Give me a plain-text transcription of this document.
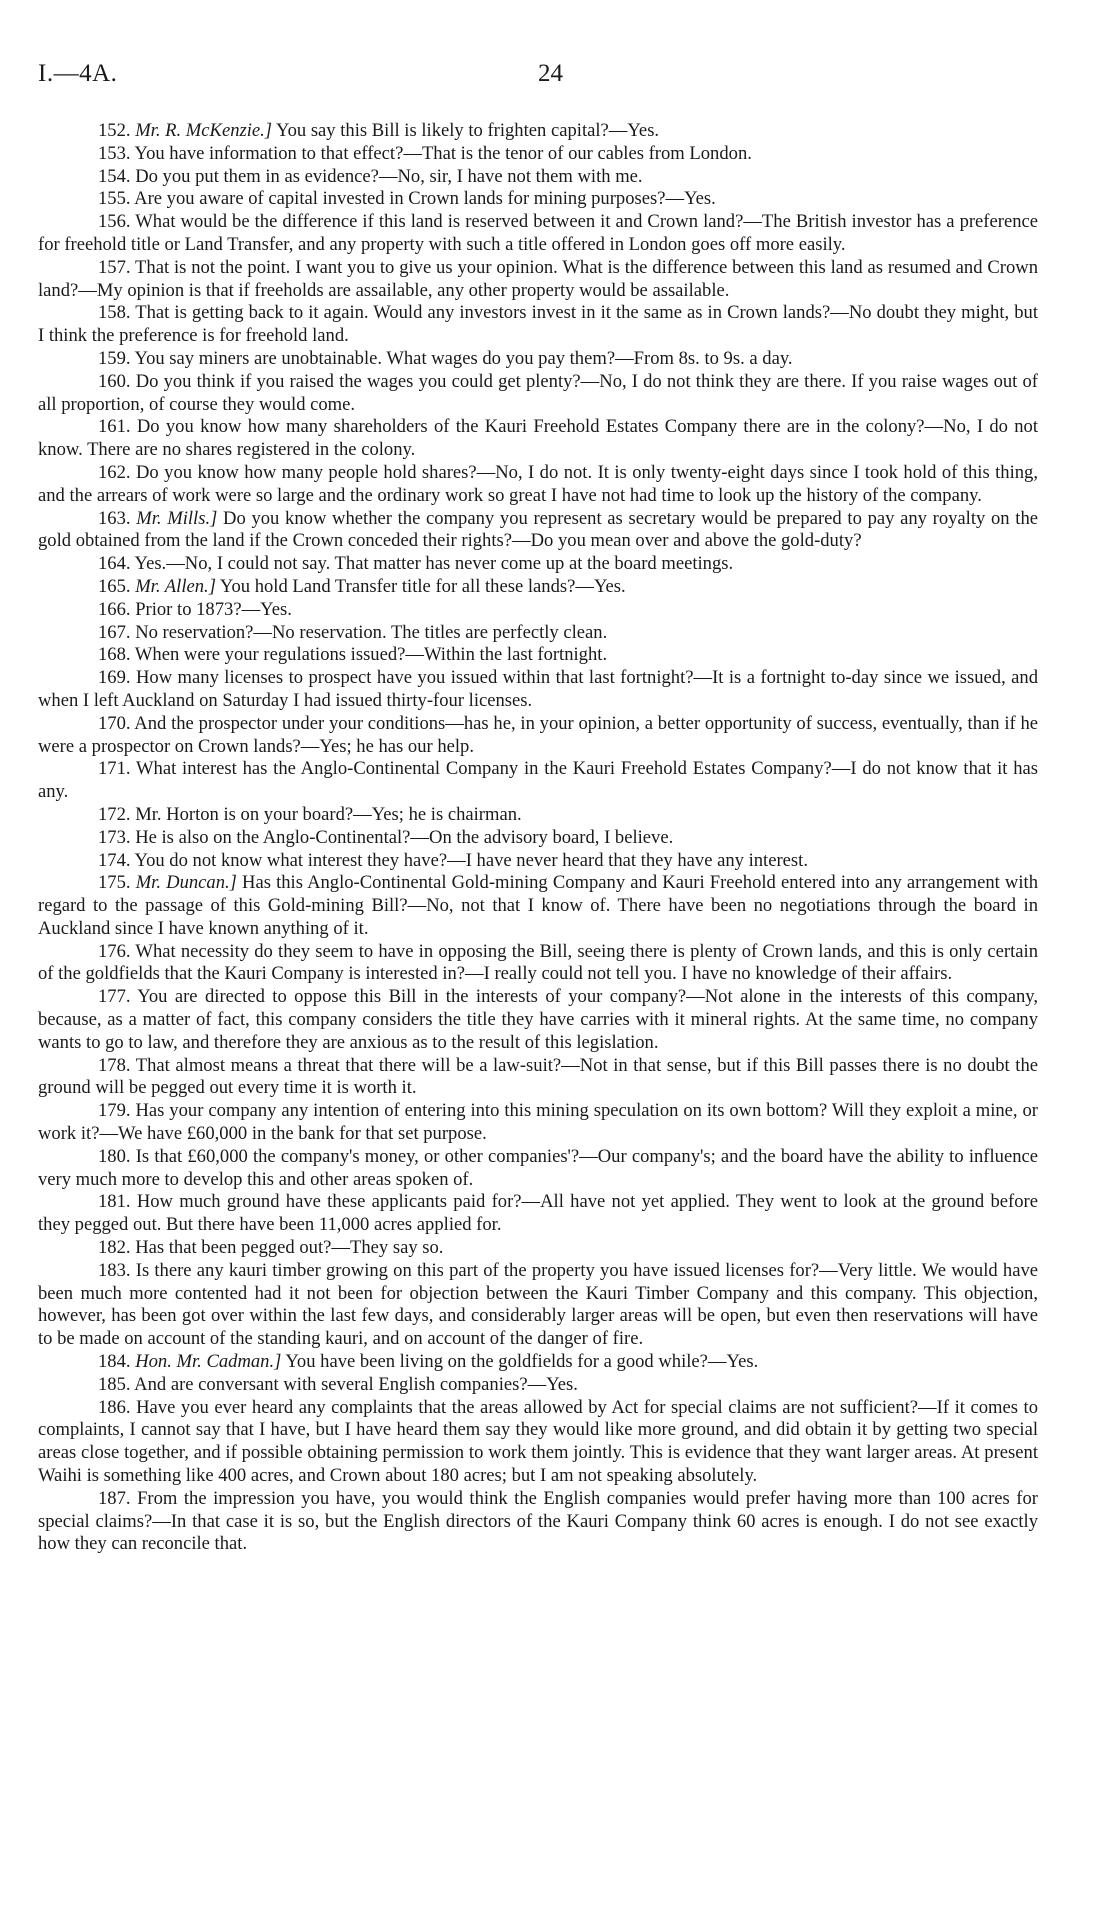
I.—4A.	24

152. Mr. R. McKenzie.] You say this Bill is likely to frighten capital?—Yes.

153. You have information to that effect?—That is the tenor of our cables from London.

154. Do you put them in as evidence?—No, sir, I have not them with me.

155. Are you aware of capital invested in Crown lands for mining purposes?—Yes.

156. What would be the difference if this land is reserved between it and Crown land?—The British investor has a preference for freehold title or Land Transfer, and any property with such a title offered in London goes off more easily.

157. That is not the point. I want you to give us your opinion. What is the difference between this land as resumed and Crown land?—My opinion is that if freeholds are assailable, any other property would be assailable.

158. That is getting back to it again. Would any investors invest in it the same as in Crown lands?—No doubt they might, but I think the preference is for freehold land.

159. You say miners are unobtainable. What wages do you pay them?—From 8s. to 9s. a day.

160. Do you think if you raised the wages you could get plenty?—No, I do not think they are there. If you raise wages out of all proportion, of course they would come.

161. Do you know how many shareholders of the Kauri Freehold Estates Company there are in the colony?—No, I do not know. There are no shares registered in the colony.

162. Do you know how many people hold shares?—No, I do not. It is only twenty-eight days since I took hold of this thing, and the arrears of work were so large and the ordinary work so great I have not had time to look up the history of the company.

163. Mr. Mills.] Do you know whether the company you represent as secretary would be prepared to pay any royalty on the gold obtained from the land if the Crown conceded their rights?—Do you mean over and above the gold-duty?

164. Yes.—No, I could not say. That matter has never come up at the board meetings.

165. Mr. Allen.] You hold Land Transfer title for all these lands?—Yes.

166. Prior to 1873?—Yes.

167. No reservation?—No reservation. The titles are perfectly clean.

168. When were your regulations issued?—Within the last fortnight.

169. How many licenses to prospect have you issued within that last fortnight?—It is a fortnight to-day since we issued, and when I left Auckland on Saturday I had issued thirty-four licenses.

170. And the prospector under your conditions—has he, in your opinion, a better opportunity of success, eventually, than if he were a prospector on Crown lands?—Yes; he has our help.

171. What interest has the Anglo-Continental Company in the Kauri Freehold Estates Company?—I do not know that it has any.

172. Mr. Horton is on your board?—Yes; he is chairman.

173. He is also on the Anglo-Continental?—On the advisory board, I believe.

174. You do not know what interest they have?—I have never heard that they have any interest.

175. Mr. Duncan.] Has this Anglo-Continental Gold-mining Company and Kauri Freehold entered into any arrangement with regard to the passage of this Gold-mining Bill?—No, not that I know of. There have been no negotiations through the board in Auckland since I have known anything of it.

176. What necessity do they seem to have in opposing the Bill, seeing there is plenty of Crown lands, and this is only certain of the goldfields that the Kauri Company is interested in?—I really could not tell you. I have no knowledge of their affairs.

177. You are directed to oppose this Bill in the interests of your company?—Not alone in the interests of this company, because, as a matter of fact, this company considers the title they have carries with it mineral rights. At the same time, no company wants to go to law, and therefore they are anxious as to the result of this legislation.

178. That almost means a threat that there will be a law-suit?—Not in that sense, but if this Bill passes there is no doubt the ground will be pegged out every time it is worth it.

179. Has your company any intention of entering into this mining speculation on its own bottom? Will they exploit a mine, or work it?—We have £60,000 in the bank for that set purpose.

180. Is that £60,000 the company's money, or other companies'?—Our company's; and the board have the ability to influence very much more to develop this and other areas spoken of.

181. How much ground have these applicants paid for?—All have not yet applied. They went to look at the ground before they pegged out. But there have been 11,000 acres applied for.

182. Has that been pegged out?—They say so.

183. Is there any kauri timber growing on this part of the property you have issued licenses for?—Very little. We would have been much more contented had it not been for objection between the Kauri Timber Company and this company. This objection, however, has been got over within the last few days, and considerably larger areas will be open, but even then reservations will have to be made on account of the standing kauri, and on account of the danger of fire.

184. Hon. Mr. Cadman.] You have been living on the goldfields for a good while?—Yes.

185. And are conversant with several English companies?—Yes.

186. Have you ever heard any complaints that the areas allowed by Act for special claims are not sufficient?—If it comes to complaints, I cannot say that I have, but I have heard them say they would like more ground, and did obtain it by getting two special areas close together, and if possible obtaining permission to work them jointly. This is evidence that they want larger areas. At present Waihi is something like 400 acres, and Crown about 180 acres; but I am not speaking absolutely.

187. From the impression you have, you would think the English companies would prefer having more than 100 acres for special claims?—In that case it is so, but the English directors of the Kauri Company think 60 acres is enough. I do not see exactly how they can reconcile that.
